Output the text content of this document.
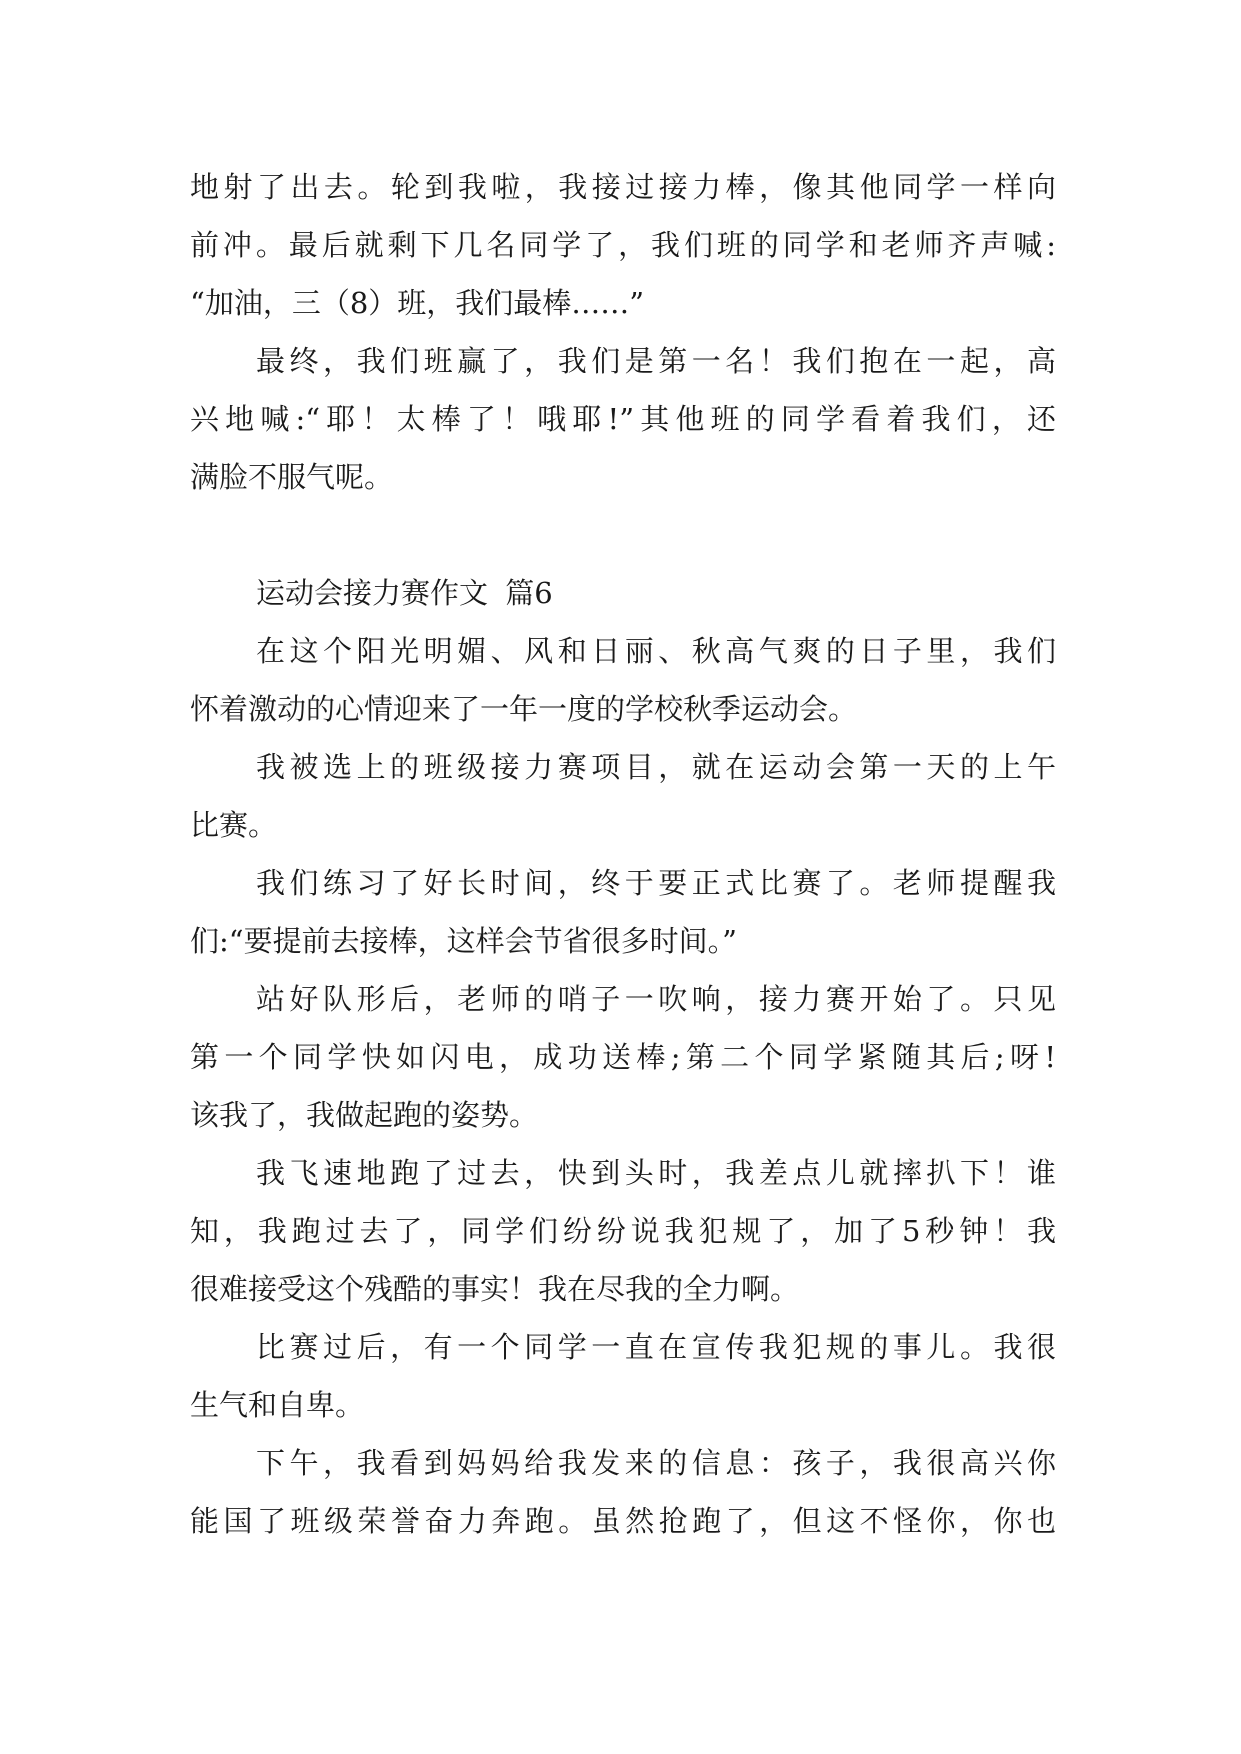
地射了出去。轮到我啦，我接过接力棒，像其他同学一样向
前冲。最后就剩下几名同学了，我们班的同学和老师齐声喊:
“加油，三（8）班，我们最棒……”
最终，我们班赢了，我们是第一名！我们抱在一起，高
兴地喊:“耶！太棒了！哦耶!”其他班的同学看着我们，还
满脸不服气呢。
运动会接力赛作文 篇6
在这个阳光明媚、风和日丽、秋高气爽的日子里，我们
怀着激动的心情迎来了一年一度的学校秋季运动会。
我被选上的班级接力赛项目，就在运动会第一天的上午
比赛。
我们练习了好长时间，终于要正式比赛了。老师提醒我
们:“要提前去接棒，这样会节省很多时间。”
站好队形后，老师的哨子一吹响，接力赛开始了。只见
第一个同学快如闪电，成功送棒;第二个同学紧随其后;呀!
该我了，我做起跑的姿势。
我飞速地跑了过去，快到头时，我差点儿就摔扒下！谁
知，我跑过去了，同学们纷纷说我犯规了，加了5秒钟！我
很难接受这个残酷的事实！我在尽我的全力啊。
比赛过后，有一个同学一直在宣传我犯规的事儿。我很
生气和自卑。
下午，我看到妈妈给我发来的信息：孩子，我很高兴你
能国了班级荣誉奋力奔跑。虽然抢跑了，但这不怪你，你也
